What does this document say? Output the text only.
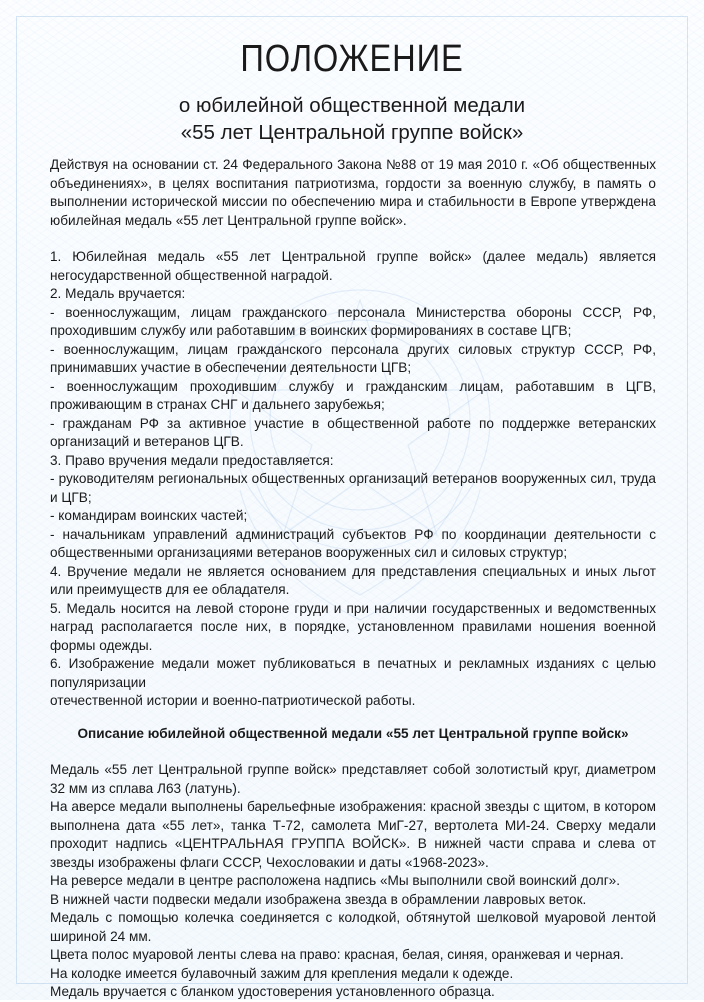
ПОЛОЖЕНИЕ
о юбилейной общественной медали
«55 лет Центральной группе войск»

Действуя на основании ст. 24 Федерального Закона №88 от 19 мая 2010 г. «Об общественных объединениях», в целях воспитания патриотизма, гордости за военную службу, в память о выполнении исторической миссии по обеспечению мира и стабильности в Европе утверждена юбилейная медаль «55 лет Центральной группе войск».

1. Юбилейная медаль «55 лет Центральной группе войск» (далее медаль) является негосударственной общественной наградой.

2. Медаль вручается:

- военнослужащим, лицам гражданского персонала Министерства обороны СССР, РФ, проходившим службу или работавшим в воинских формированиях в составе ЦГВ;

- военнослужащим, лицам гражданского персонала других силовых структур СССР, РФ, принимавших участие в обеспечении деятельности ЦГВ;

- военнослужащим проходившим службу и гражданским лицам, работавшим в ЦГВ, проживающим в странах СНГ и дальнего зарубежья;

- гражданам РФ за активное участие в общественной работе по поддержке ветеранских организаций и ветеранов ЦГВ.

3. Право вручения медали предоставляется:

- руководителям региональных общественных организаций ветеранов вооруженных сил, труда и ЦГВ;

- командирам воинских частей;

- начальникам управлений администраций субъектов РФ по координации деятельности с общественными организациями ветеранов вооруженных сил и силовых структур;

4. Вручение медали не является основанием для представления специальных и иных льгот или преимуществ для ее обладателя.

5. Медаль носится на левой стороне груди и при наличии государственных и ведомственных наград располагается после них, в порядке, установленном правилами ношения военной формы одежды.

6. Изображение медали может публиковаться в печатных и рекламных изданиях с целью популяризации

отечественной истории и военно-патриотической работы.

Описание юбилейной общественной медали «55 лет Центральной группе войск»

Медаль «55 лет Центральной группе войск» представляет собой золотистый круг, диаметром 32 мм из сплава Л63 (латунь).

На аверсе медали выполнены барельефные изображения: красной звезды с щитом, в котором выполнена дата «55 лет», танка Т-72, самолета МиГ-27, вертолета МИ-24. Сверху медали проходит надпись «ЦЕНТРАЛЬНАЯ ГРУППА ВОЙСК». В нижней части справа и слева от звезды изображены флаги СССР, Чехословакии и даты «1968-2023».

На реверсе медали в центре расположена надпись «Мы выполнили свой воинский долг».

В нижней части подвески медали изображена звезда в обрамлении лавровых веток.

Медаль с помощью колечка соединяется с колодкой, обтянутой шелковой муаровой лентой шириной 24 мм.

Цвета полос муаровой ленты слева на право: красная, белая, синяя, оранжевая и черная.

На колодке имеется булавочный зажим для крепления медали к одежде.

Медаль вручается с бланком удостоверения установленного образца.
